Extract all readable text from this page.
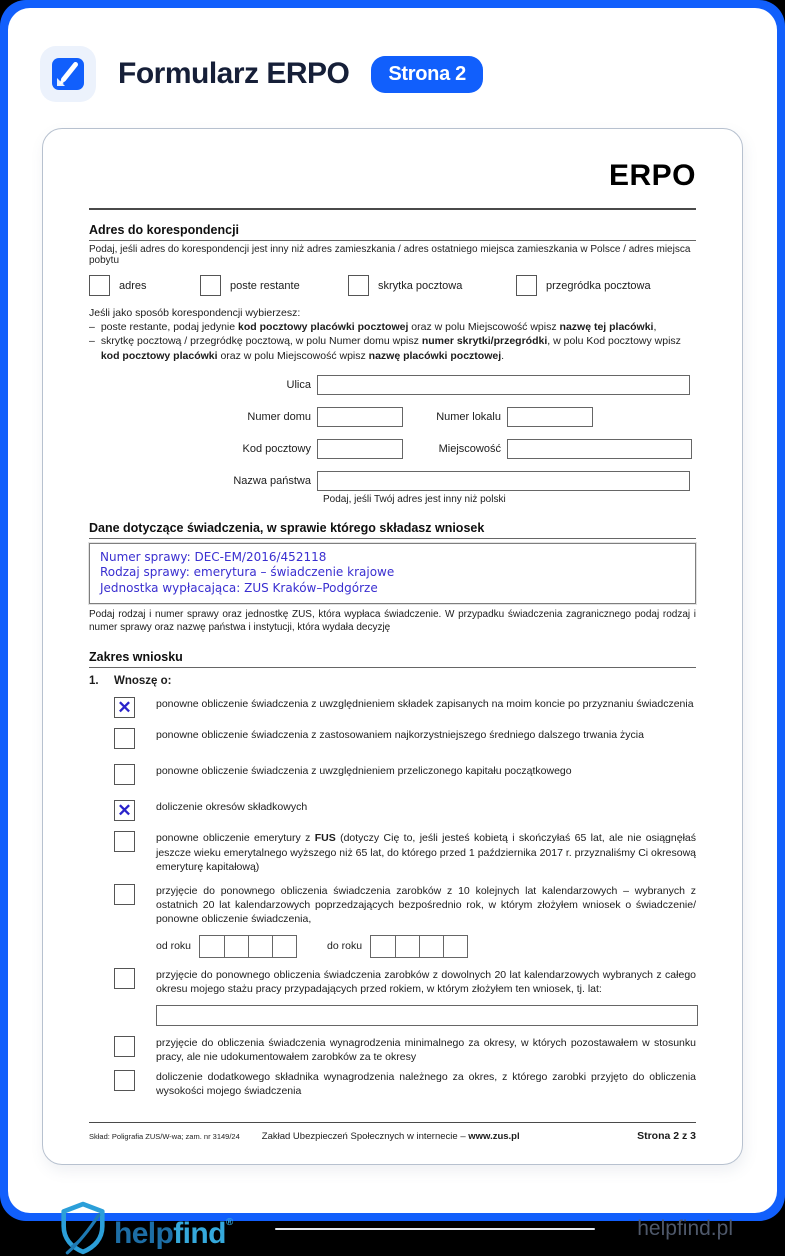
Formularz ERPO	Strona 2
ERPO
Adres do korespondencji
Podaj, jeśli adres do korespondencji jest inny niż adres zamieszkania / adres ostatniego miejsca zamieszkania w Polsce / adres miejsca pobytu
adres	poste restante	skrytka pocztowa	przegródka pocztowa
Jeśli jako sposób korespondencji wybierzesz:
– poste restante, podaj jedynie kod pocztowy placówki pocztowej oraz w polu Miejscowość wpisz nazwę tej placówki,
– skrytkę pocztową / przegródkę pocztową, w polu Numer domu wpisz numer skrytki/przegródki, w polu Kod pocztowy wpisz kod pocztowy placówki oraz w polu Miejscowość wpisz nazwę placówki pocztowej.
Ulica
Numer domu	Numer lokalu
Kod pocztowy	Miejscowość
Nazwa państwa
Podaj, jeśli Twój adres jest inny niż polski
Dane dotyczące świadczenia, w sprawie którego składasz wniosek
Numer sprawy: DEC-EM/2016/452118
Rodzaj sprawy: emerytura – świadczenie krajowe
Jednostka wypłacająca: ZUS Kraków–Podgórze
Podaj rodzaj i numer sprawy oraz jednostkę ZUS, która wypłaca świadczenie. W przypadku świadczenia zagranicznego podaj rodzaj i numer sprawy oraz nazwę państwa i instytucji, która wydała decyzję
Zakres wniosku
1.	Wnoszę o:
✕
ponowne obliczenie świadczenia z uwzględnieniem składek zapisanych na moim koncie po przyznaniu świadczenia
ponowne obliczenie świadczenia z zastosowaniem najkorzystniejszego średniego dalszego trwania życia
ponowne obliczenie świadczenia z uwzględnieniem przeliczonego kapitału początkowego
✕
doliczenie okresów składkowych
ponowne obliczenie emerytury z FUS (dotyczy Cię to, jeśli jesteś kobietą i skończyłaś 65 lat, ale nie osiągnęłaś jeszcze wieku emerytalnego wyższego niż 65 lat, do którego przed 1 października 2017 r. przyznaliśmy Ci okresową emeryturę kapitałową)
przyjęcie do ponownego obliczenia świadczenia zarobków z 10 kolejnych lat kalendarzowych – wybranych z ostatnich 20 lat kalendarzowych poprzedzających bezpośrednio rok, w którym złożyłem wniosek o świadczenie/ ponowne obliczenie świadczenia,
od roku	do roku
przyjęcie do ponownego obliczenia świadczenia zarobków z dowolnych 20 lat kalendarzowych wybranych z całego okresu mojego stażu pracy przypadających przed rokiem, w którym złożyłem ten wniosek, tj. lat:
przyjęcie do obliczenia świadczenia wynagrodzenia minimalnego za okresy, w których pozostawałem w stosunku pracy, ale nie udokumentowałem zarobków za te okresy
doliczenie dodatkowego składnika wynagrodzenia należnego za okres, z którego zarobki przyjęto do obliczenia wysokości mojego świadczenia
Skład: Poligrafia ZUS/W-wa; zam. nr 3149/24 Zakład Ubezpieczeń Społecznych w internecie – www.zus.pl	Strona 2 z 3
helpfind®	helpfind.pl
